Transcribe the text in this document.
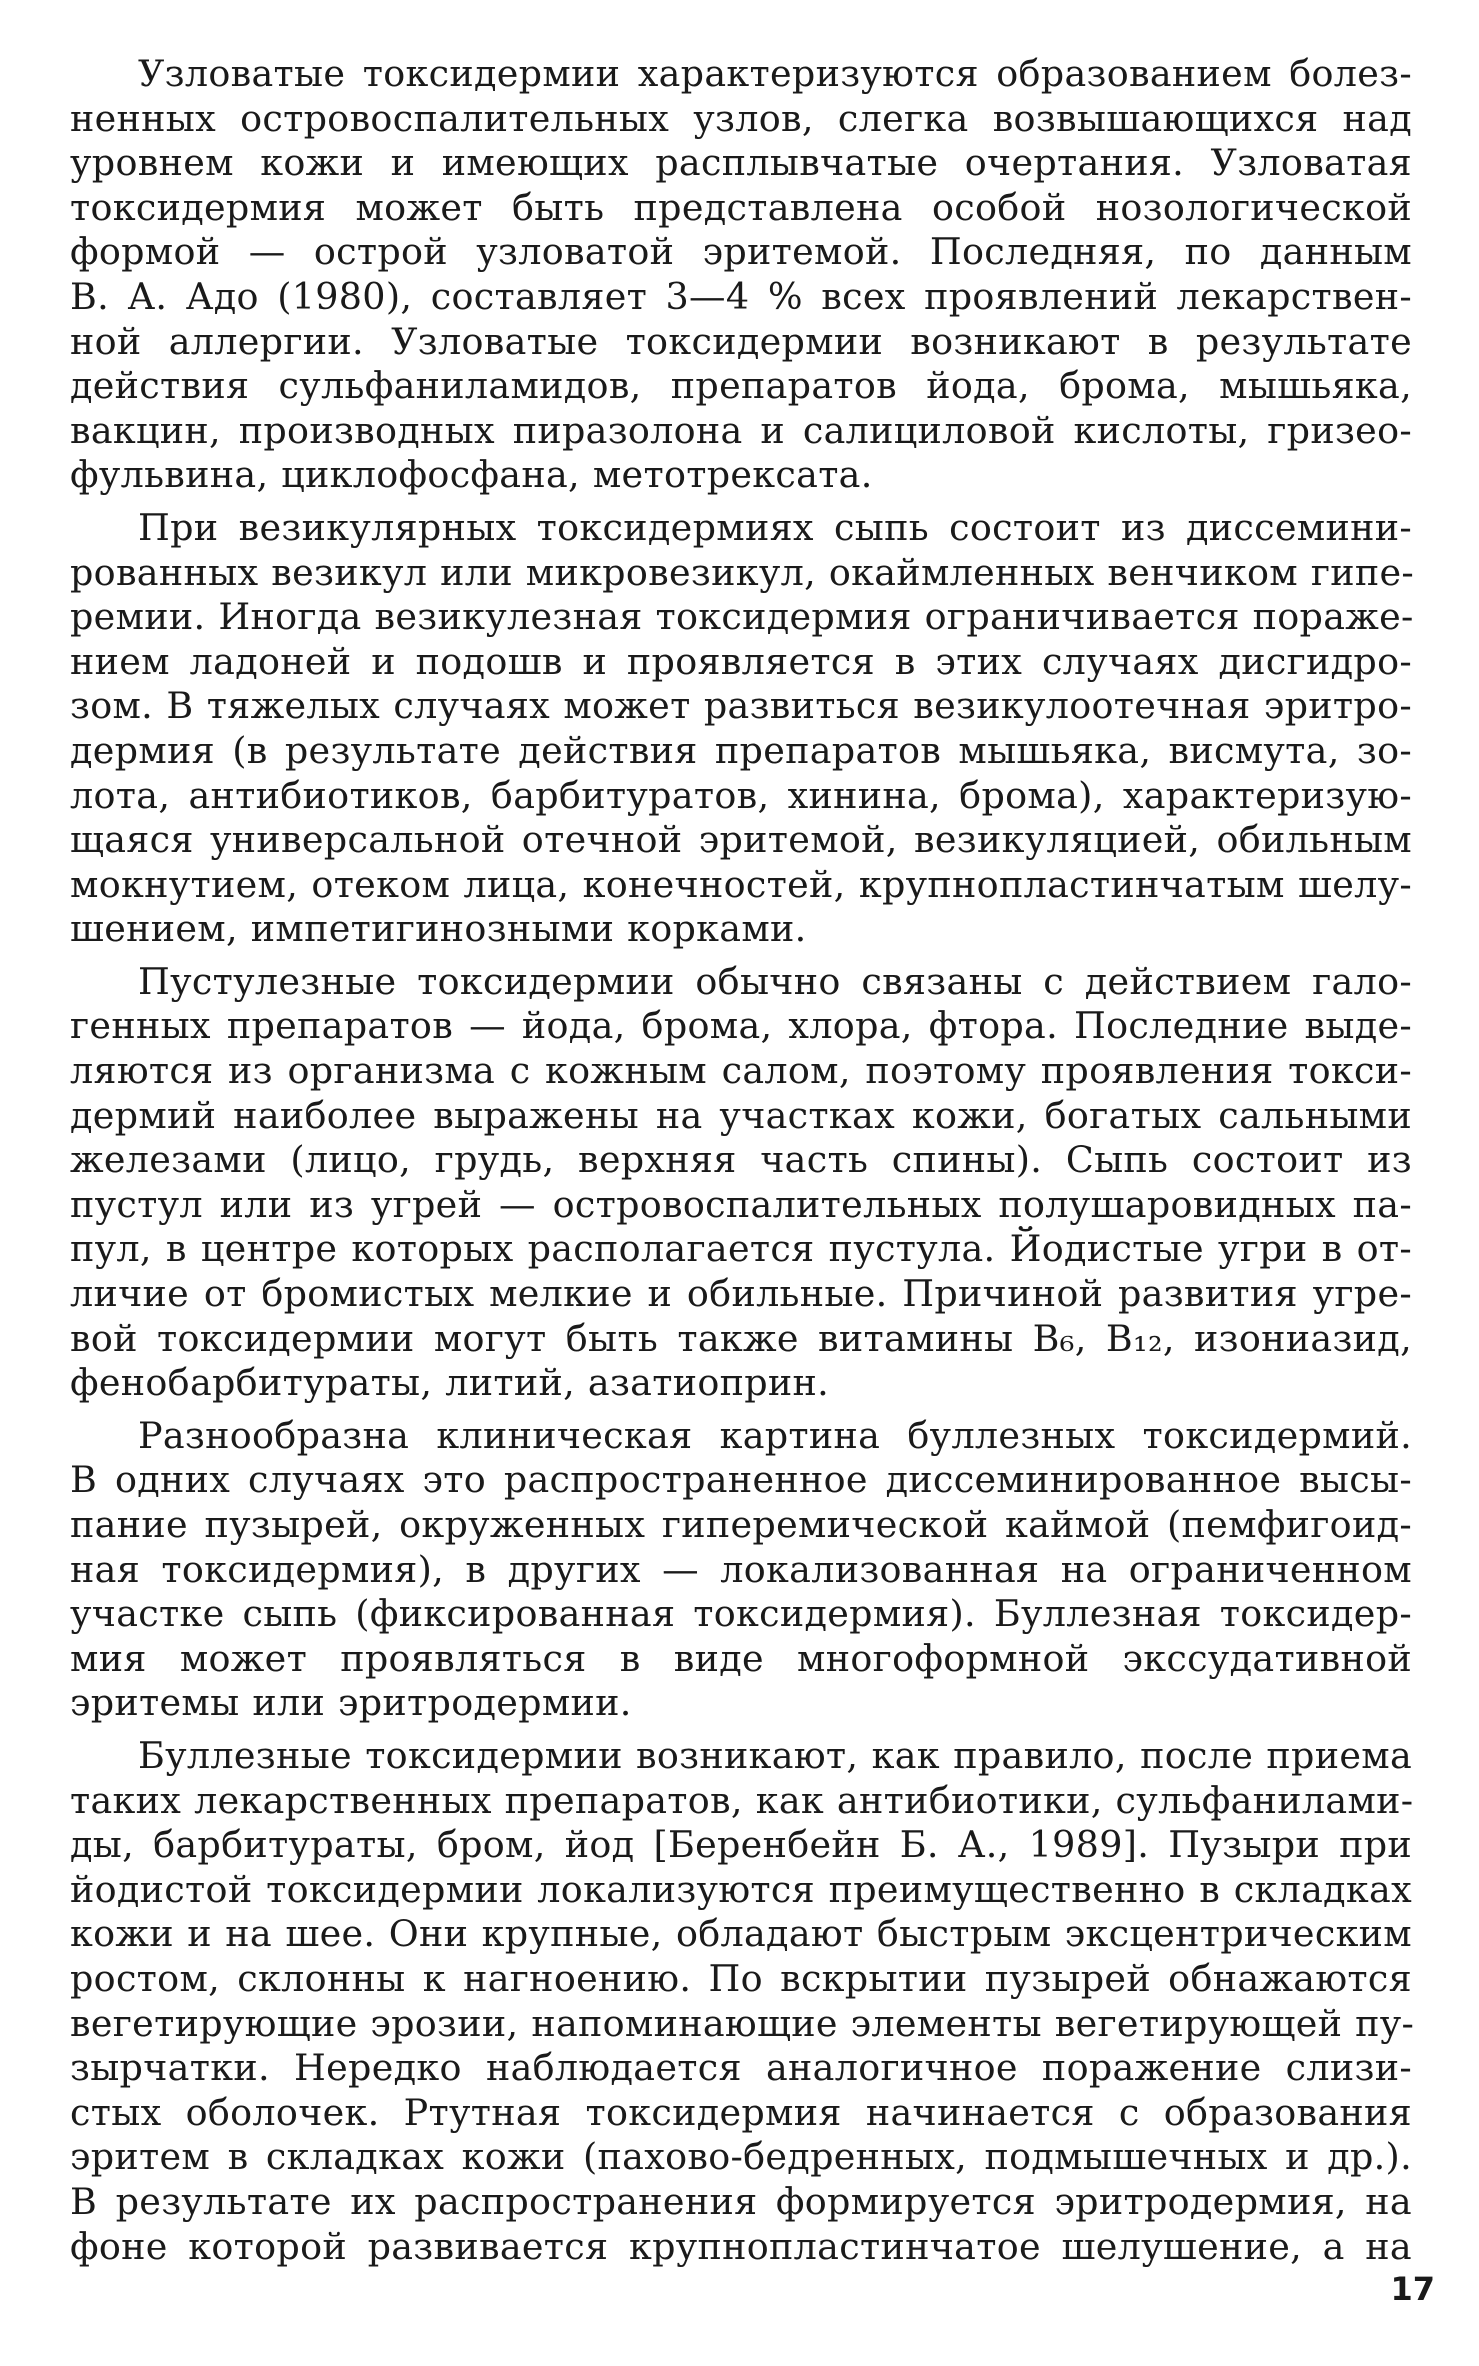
Узловатые токсидермии характеризуются образованием болез-
ненных островоспалительных узлов, слегка возвышающихся над
уровнем кожи и имеющих расплывчатые очертания. Узловатая
токсидермия может быть представлена особой нозологической
формой — острой узловатой эритемой. Последняя, по данным
В. А. Адо (1980), составляет 3—4 % всех проявлений лекарствен-
ной аллергии. Узловатые токсидермии возникают в результате
действия сульфаниламидов, препаратов йода, брома, мышьяка,
вакцин, производных пиразолона и салициловой кислоты, гризео-
фульвина, циклофосфана, метотрексата.

При везикулярных токсидермиях сыпь состоит из диссемини-
рованных везикул или микровезикул, окаймленных венчиком гипе-
ремии. Иногда везикулезная токсидермия ограничивается пораже-
нием ладоней и подошв и проявляется в этих случаях дисгидро-
зом. В тяжелых случаях может развиться везикулоотечная эритро-
дермия (в результате действия препаратов мышьяка, висмута, зо-
лота, антибиотиков, барбитуратов, хинина, брома), характеризую-
щаяся универсальной отечной эритемой, везикуляцией, обильным
мокнутием, отеком лица, конечностей, крупнопластинчатым шелу-
шением, импетигинозными корками.

Пустулезные токсидермии обычно связаны с действием гало-
генных препаратов — йода, брома, хлора, фтора. Последние выде-
ляются из организма с кожным салом, поэтому проявления токси-
дермий наиболее выражены на участках кожи, богатых сальными
железами (лицо, грудь, верхняя часть спины). Сыпь состоит из
пустул или из угрей — островоспалительных полушаровидных па-
пул, в центре которых располагается пустула. Йодистые угри в от-
личие от бромистых мелкие и обильные. Причиной развития угре-
вой токсидермии могут быть также витамины B₆, B₁₂, изониазид,
фенобарбитураты, литий, азатиоприн.

Разнообразна клиническая картина буллезных токсидермий.
В одних случаях это распространенное диссеминированное высы-
пание пузырей, окруженных гиперемической каймой (пемфигоид-
ная токсидермия), в других — локализованная на ограниченном
участке сыпь (фиксированная токсидермия). Буллезная токсидер-
мия может проявляться в виде многоформной экссудативной
эритемы или эритродермии.

Буллезные токсидермии возникают, как правило, после приема
таких лекарственных препаратов, как антибиотики, сульфанилами-
ды, барбитураты, бром, йод [Беренбейн Б. А., 1989]. Пузыри при
йодистой токсидермии локализуются преимущественно в складках
кожи и на шее. Они крупные, обладают быстрым эксцентрическим
ростом, склонны к нагноению. По вскрытии пузырей обнажаются
вегетирующие эрозии, напоминающие элементы вегетирующей пу-
зырчатки. Нередко наблюдается аналогичное поражение слизи-
стых оболочек. Ртутная токсидермия начинается с образования
эритем в складках кожи (пахово-бедренных, подмышечных и др.).
В результате их распространения формируется эритродермия, на
фоне которой развивается крупнопластинчатое шелушение, а на

17
